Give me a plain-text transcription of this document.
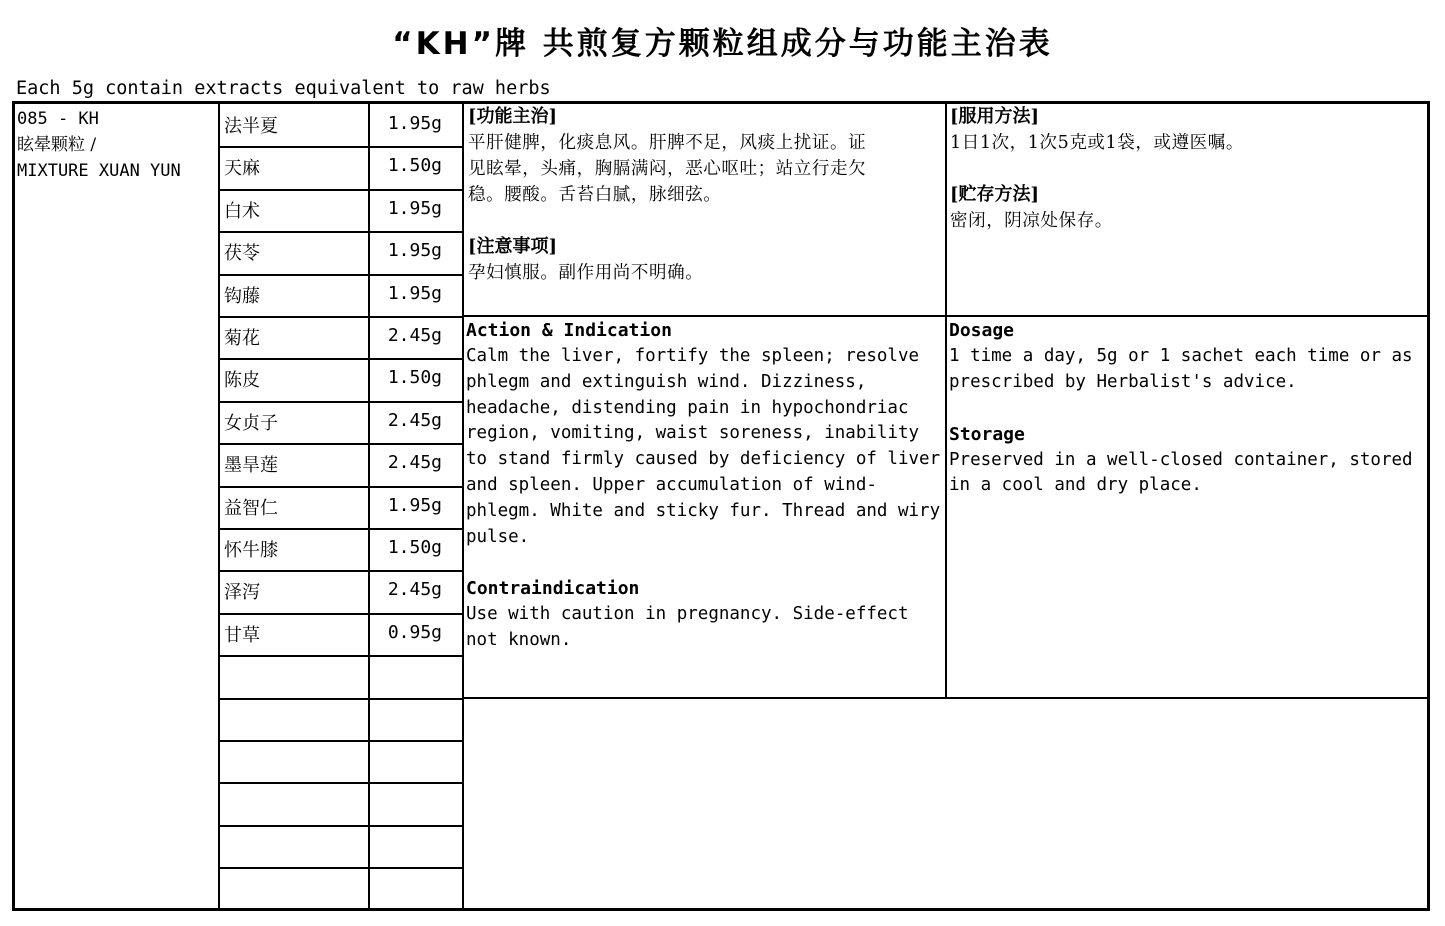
“KH”牌 共煎复方颗粒组成分与功能主治表
Each 5g contain extracts equivalent to raw herbs
085 - KH
眩晕颗粒 /
MIXTURE XUAN YUN
法半夏	1.95g
天麻	1.50g
白术	1.95g
茯苓	1.95g
钩藤	1.95g
菊花	2.45g
陈皮	1.50g
女贞子	2.45g
墨旱莲	2.45g
益智仁	1.95g
怀牛膝	1.50g
泽泻	2.45g
甘草	0.95g
[功能主治]
平肝健脾，化痰息风。肝脾不足，风痰上扰证。证
见眩晕，头痛，胸膈满闷，恶心呕吐；站立行走欠
稳。腰酸。舌苔白腻，脉细弦。
[注意事项]
孕妇慎服。副作用尚不明确。
[服用方法]
1日1次，1次5克或1袋，或遵医嘱。
[贮存方法]
密闭，阴凉处保存。
Action & Indication
Calm the liver, fortify the spleen; resolve
phlegm and extinguish wind. Dizziness,
headache, distending pain in hypochondriac
region, vomiting, waist soreness, inability
to stand firmly caused by deficiency of liver
and spleen. Upper accumulation of wind-
phlegm. White and sticky fur. Thread and wiry
pulse.
Contraindication
Use with caution in pregnancy. Side-effect
not known.
Dosage
1 time a day, 5g or 1 sachet each time or as
prescribed by Herbalist's advice.
Storage
Preserved in a well-closed container, stored
in a cool and dry place.
